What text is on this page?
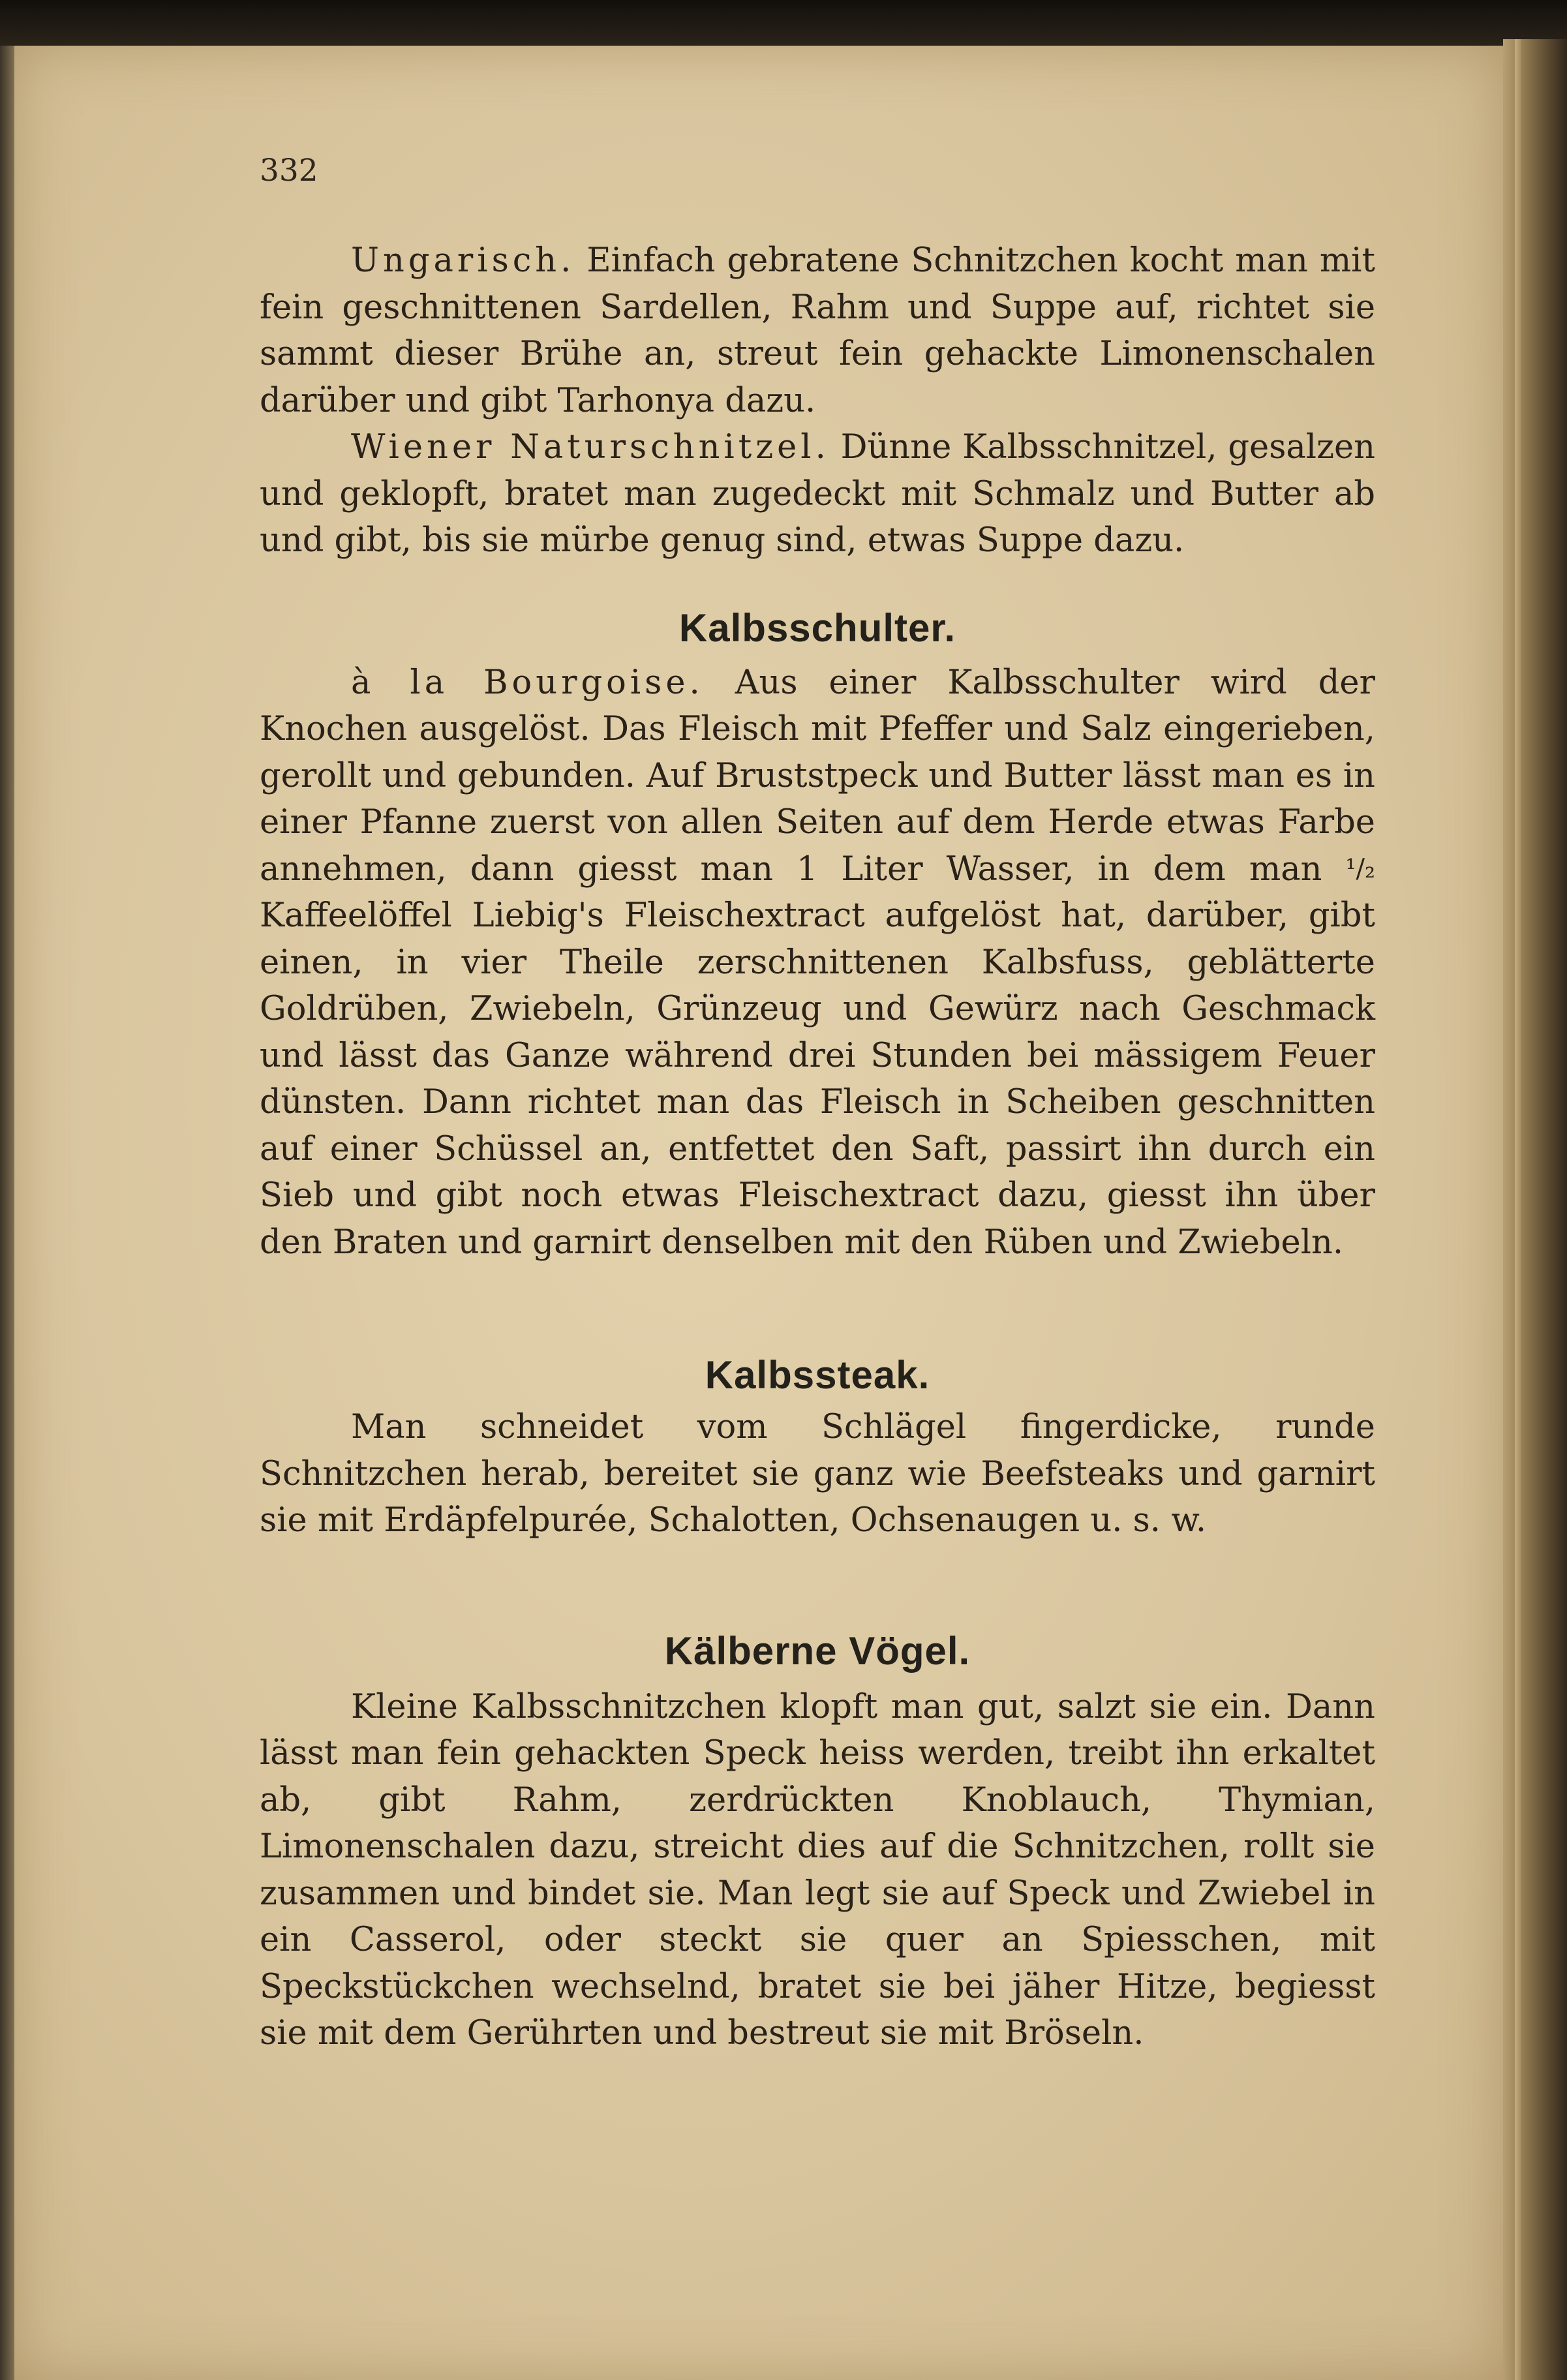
332

Ungarisch. Einfach gebratene Schnitzchen kocht man mit fein geschnittenen Sardellen, Rahm und Suppe auf, richtet sie sammt dieser Brühe an, streut fein gehackte Limonenschalen darüber und gibt Tarhonya dazu.

Wiener Naturschnitzel. Dünne Kalbsschnitzel, gesalzen und geklopft, bratet man zugedeckt mit Schmalz und Butter ab und gibt, bis sie mürbe genug sind, etwas Suppe dazu.

Kalbsschulter.

à la Bourgoise. Aus einer Kalbsschulter wird der Knochen ausgelöst. Das Fleisch mit Pfeffer und Salz eingerieben, gerollt und gebunden. Auf Bruststpeck und Butter lässt man es in einer Pfanne zuerst von allen Seiten auf dem Herde etwas Farbe annehmen, dann giesst man 1 Liter Wasser, in dem man ¹/₂ Kaffeelöffel Liebig's Fleischextract aufgelöst hat, darüber, gibt einen, in vier Theile zerschnittenen Kalbsfuss, geblätterte Goldrüben, Zwiebeln, Grünzeug und Gewürz nach Geschmack und lässt das Ganze während drei Stunden bei mässigem Feuer dünsten. Dann richtet man das Fleisch in Scheiben geschnitten auf einer Schüssel an, entfettet den Saft, passirt ihn durch ein Sieb und gibt noch etwas Fleischextract dazu, giesst ihn über den Braten und garnirt denselben mit den Rüben und Zwiebeln.

Kalbssteak.

Man schneidet vom Schlägel fingerdicke, runde Schnitzchen herab, bereitet sie ganz wie Beefsteaks und garnirt sie mit Erdäpfelpurée, Schalotten, Ochsenaugen u. s. w.

Kälberne Vögel.

Kleine Kalbsschnitzchen klopft man gut, salzt sie ein. Dann lässt man fein gehackten Speck heiss werden, treibt ihn erkaltet ab, gibt Rahm, zerdrückten Knoblauch, Thymian, Limonenschalen dazu, streicht dies auf die Schnitzchen, rollt sie zusammen und bindet sie. Man legt sie auf Speck und Zwiebel in ein Casserol, oder steckt sie quer an Spiesschen, mit Speckstückchen wechselnd, bratet sie bei jäher Hitze, begiesst sie mit dem Gerührten und bestreut sie mit Bröseln.
